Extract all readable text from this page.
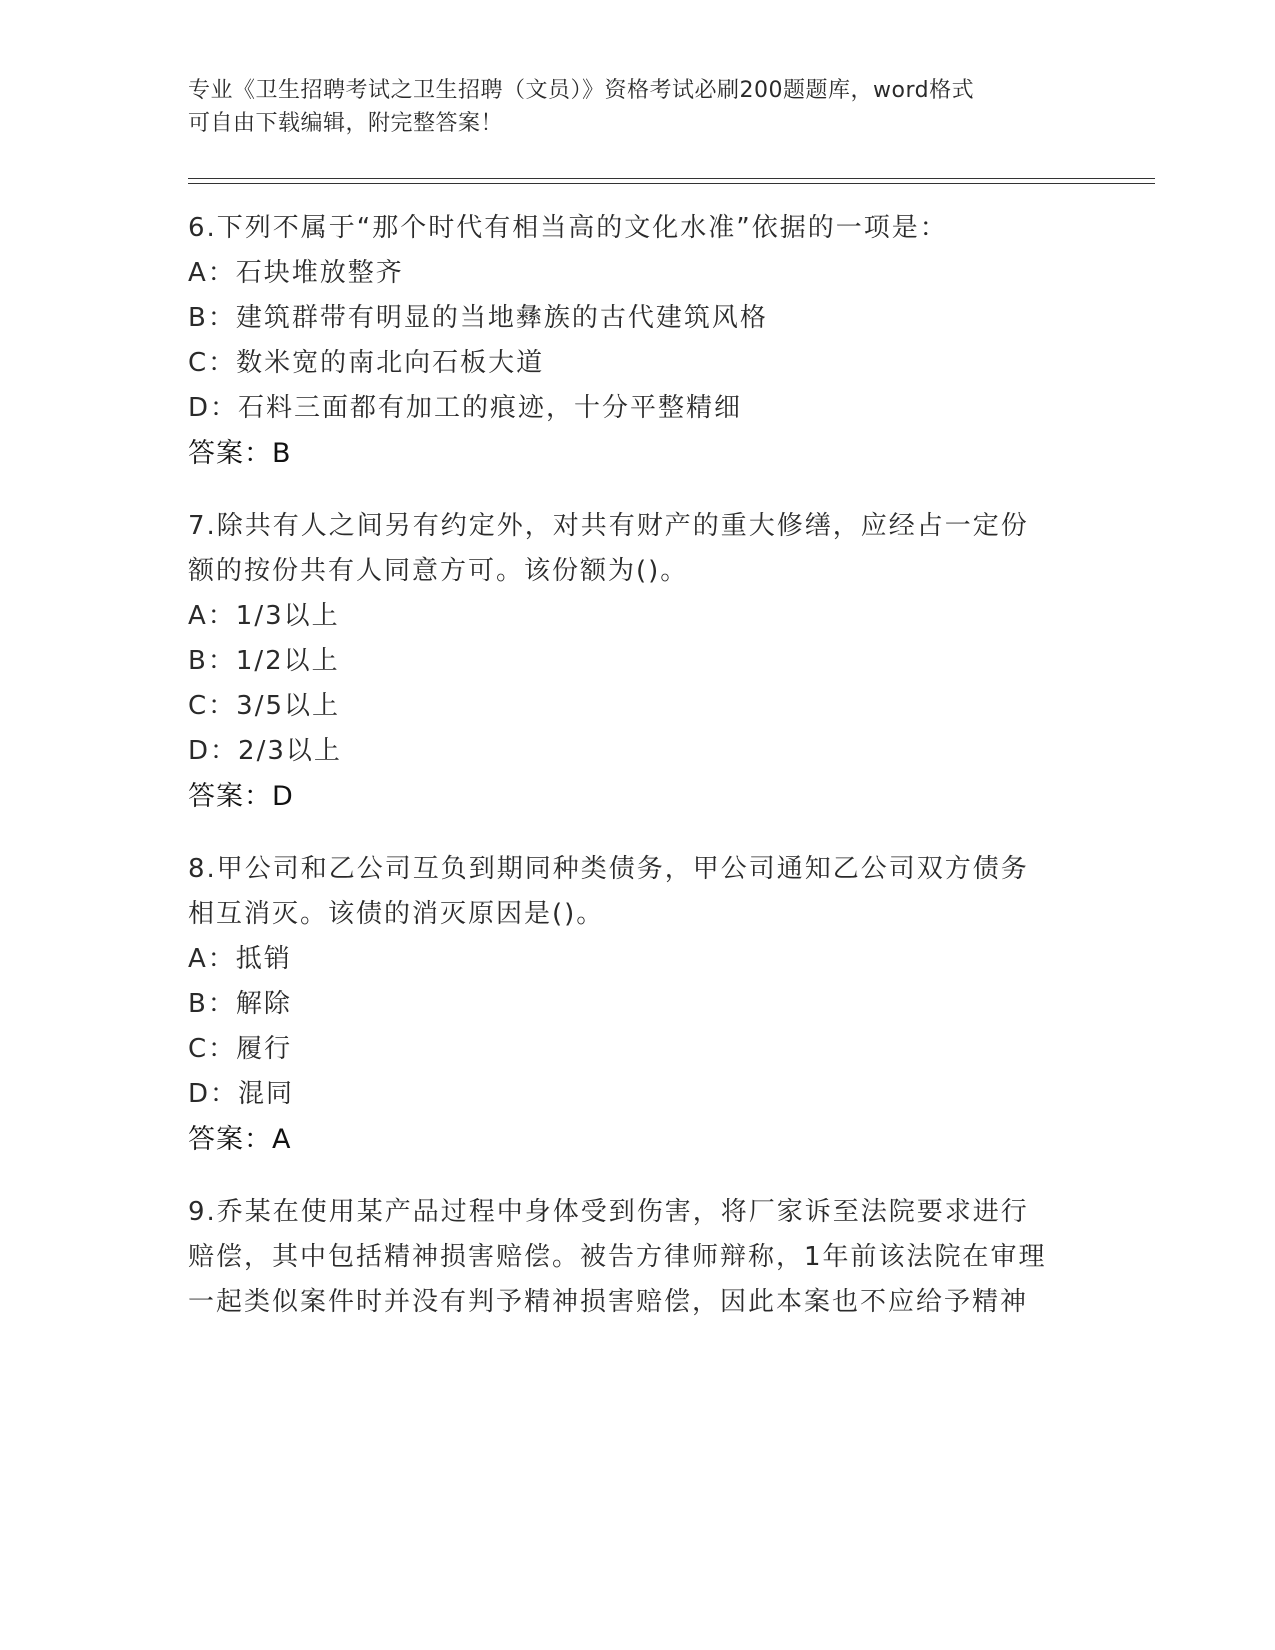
专业《卫生招聘考试之卫生招聘（文员）》资格考试必刷200题题库，word格式
可自由下载编辑，附完整答案！
6.下列不属于“那个时代有相当高的文化水准”依据的一项是：
A：石块堆放整齐
B：建筑群带有明显的当地彝族的古代建筑风格
C：数米宽的南北向石板大道
D：石料三面都有加工的痕迹，十分平整精细
答案：B
7.除共有人之间另有约定外，对共有财产的重大修缮，应经占一定份
额的按份共有人同意方可。该份额为()。
A：1/3以上
B：1/2以上
C：3/5以上
D：2/3以上
答案：D
8.甲公司和乙公司互负到期同种类债务，甲公司通知乙公司双方债务
相互消灭。该债的消灭原因是()。
A：抵销
B：解除
C：履行
D：混同
答案：A
9.乔某在使用某产品过程中身体受到伤害，将厂家诉至法院要求进行
赔偿，其中包括精神损害赔偿。被告方律师辩称，1年前该法院在审理
一起类似案件时并没有判予精神损害赔偿，因此本案也不应给予精神
